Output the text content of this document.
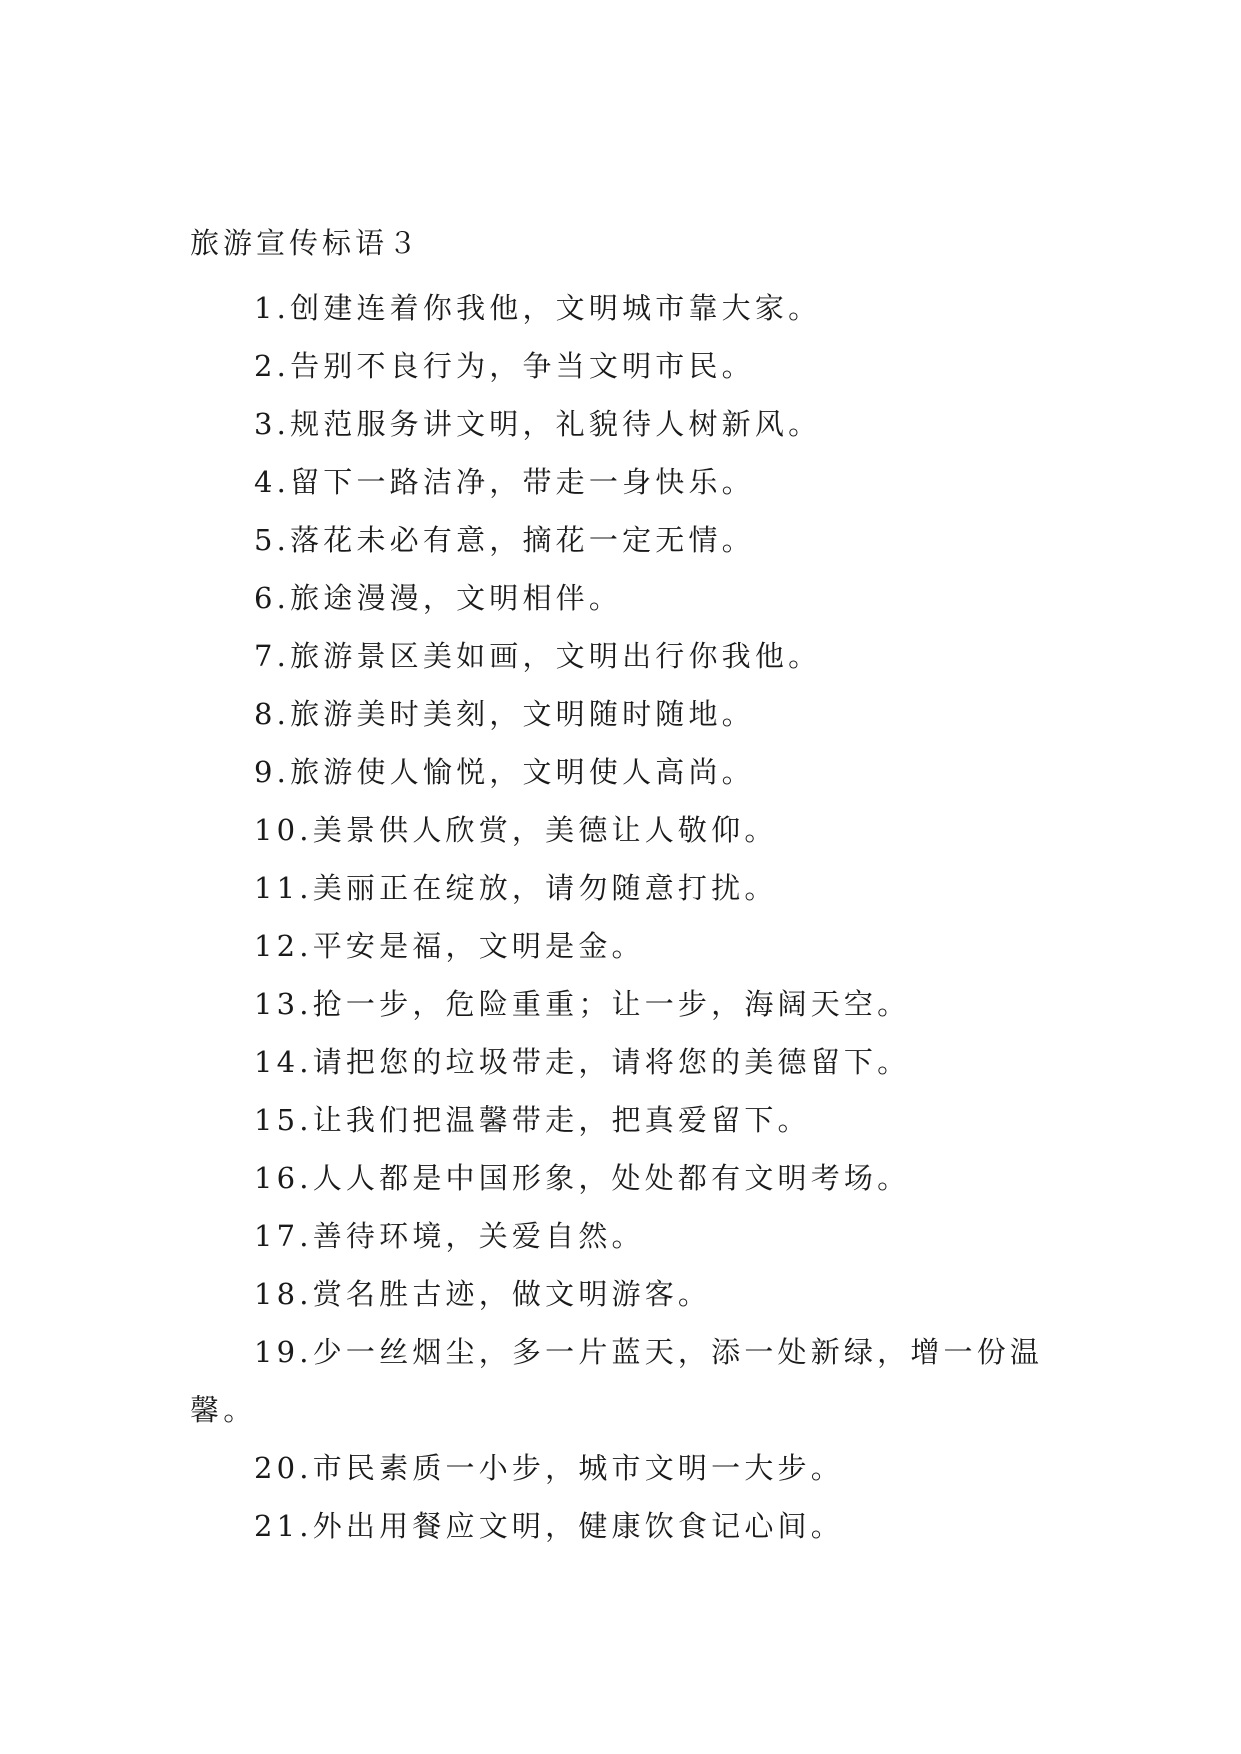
旅游宣传标语３

1.创建连着你我他，文明城市靠大家。

2.告别不良行为，争当文明市民。

3.规范服务讲文明，礼貌待人树新风。

4.留下一路洁净，带走一身快乐。

5.落花未必有意，摘花一定无情。

6.旅途漫漫，文明相伴。

7.旅游景区美如画，文明出行你我他。

8.旅游美时美刻，文明随时随地。

9.旅游使人愉悦，文明使人高尚。

10.美景供人欣赏，美德让人敬仰。

11.美丽正在绽放，请勿随意打扰。

12.平安是福，文明是金。

13.抢一步，危险重重；让一步，海阔天空。

14.请把您的垃圾带走，请将您的美德留下。

15.让我们把温馨带走，把真爱留下。

16.人人都是中国形象，处处都有文明考场。

17.善待环境，关爱自然。

18.赏名胜古迹，做文明游客。

19.少一丝烟尘，多一片蓝天，添一处新绿，增一份温馨。

20.市民素质一小步，城市文明一大步。

21.外出用餐应文明，健康饮食记心间。
